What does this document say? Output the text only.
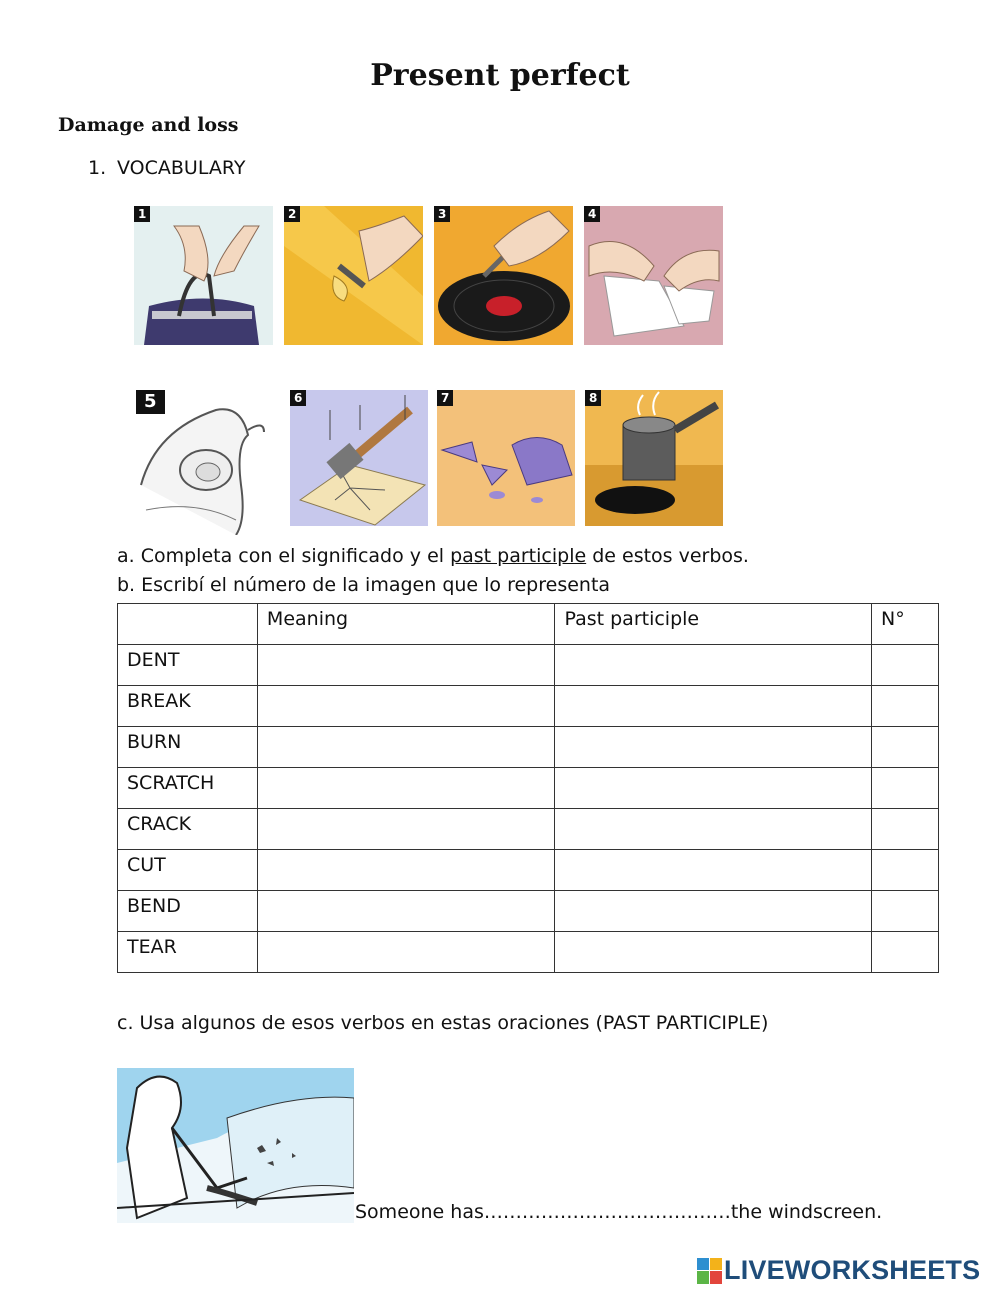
Present perfect
Damage and loss
1. VOCABULARY
1	2	3	4
5	6	7	8
a. Completa con el significado y el past participle de estos verbos.
b. Escribí el número de la imagen que lo representa
	Meaning	Past participle	N°
DENT			
BREAK			
BURN			
SCRATCH			
CRACK			
CUT			
BEND			
TEAR			
c. Usa algunos de esos verbos en estas oraciones (PAST PARTICIPLE)
Someone has…………………………………the windscreen.
LIVEWORKSHEETS
